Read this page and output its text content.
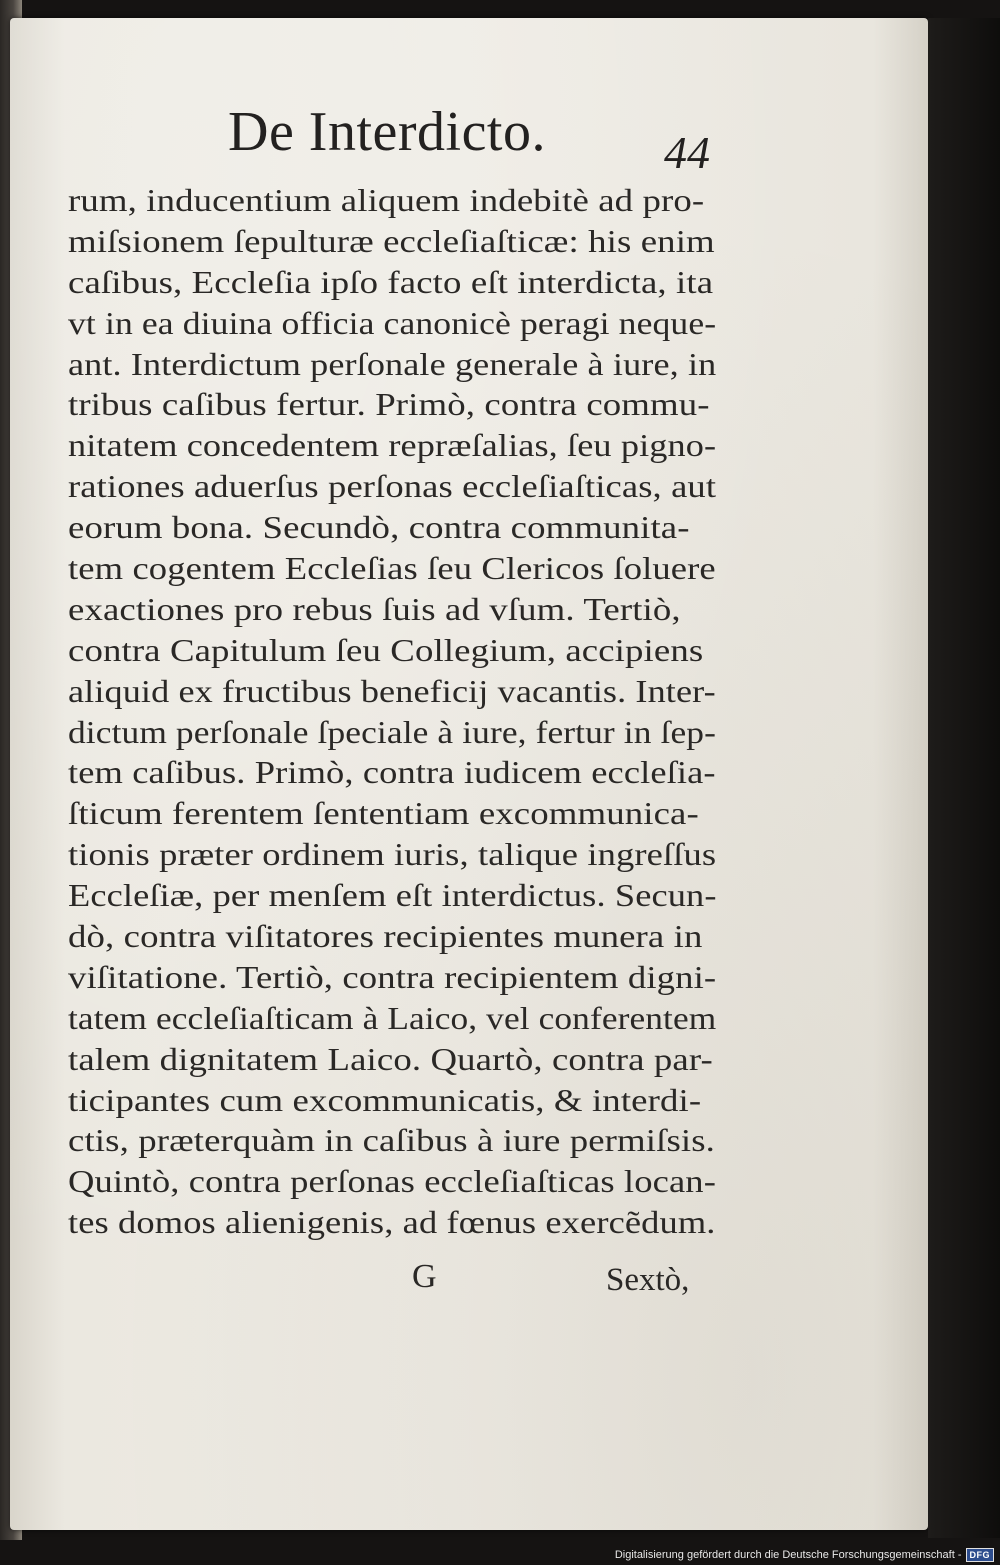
De Interdicto.	44
rum, inducentium aliquem indebitè ad pro-
miſsionem ſepulturæ eccleſiaſticæ: his enim
caſibus, Eccleſia ipſo facto eſt interdicta, ita
vt in ea diuina officia canonicè peragi neque-
ant. Interdictum perſonale generale à iure, in
tribus caſibus fertur. Primò, contra commu-
nitatem concedentem repræſalias, ſeu pigno-
rationes aduerſus perſonas eccleſiaſticas, aut
eorum bona. Secundò, contra communita-
tem cogentem Eccleſias ſeu Clericos ſoluere
exactiones pro rebus ſuis ad vſum. Tertiò,
contra Capitulum ſeu Collegium, accipiens
aliquid ex fructibus beneficij vacantis. Inter-
dictum perſonale ſpeciale à iure, fertur in ſep-
tem caſibus. Primò, contra iudicem eccleſia-
ſticum ferentem ſententiam excommunica-
tionis præter ordinem iuris, talique ingreſſus
Eccleſiæ, per menſem eſt interdictus. Secun-
dò, contra viſitatores recipientes munera in
viſitatione. Tertiò, contra recipientem digni-
tatem eccleſiaſticam à Laico, vel conferentem
talem dignitatem Laico. Quartò, contra par-
ticipantes cum excommunicatis, & interdi-
ctis, præterquàm in caſibus à iure permiſsis.
Quintò, contra perſonas eccleſiaſticas locan-
tes domos alienigenis, ad fœnus exercẽdum.
G	Sextò,
Digitalisierung gefördert durch die Deutsche Forschungsgemeinschaft - DFG
